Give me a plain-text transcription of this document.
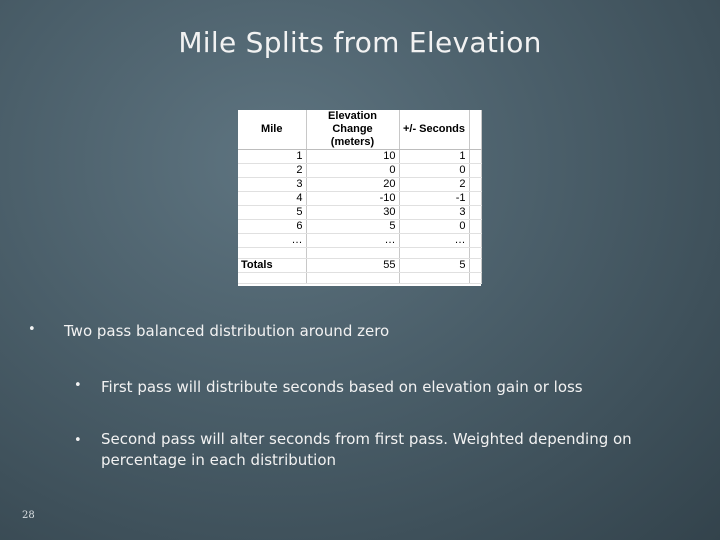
Mile Splits from Elevation
Mile	Elevation Change (meters)	+/- Seconds	
1	10	1	
2	0	0	
3	20	2	
4	-10	-1	
5	30	3	
6	5	0	
…	…	…	

Totals	55	5	

• Two pass balanced distribution around zero
• First pass will distribute seconds based on elevation gain or loss
• Second pass will alter seconds from first pass. Weighted depending on percentage in each distribution
28
